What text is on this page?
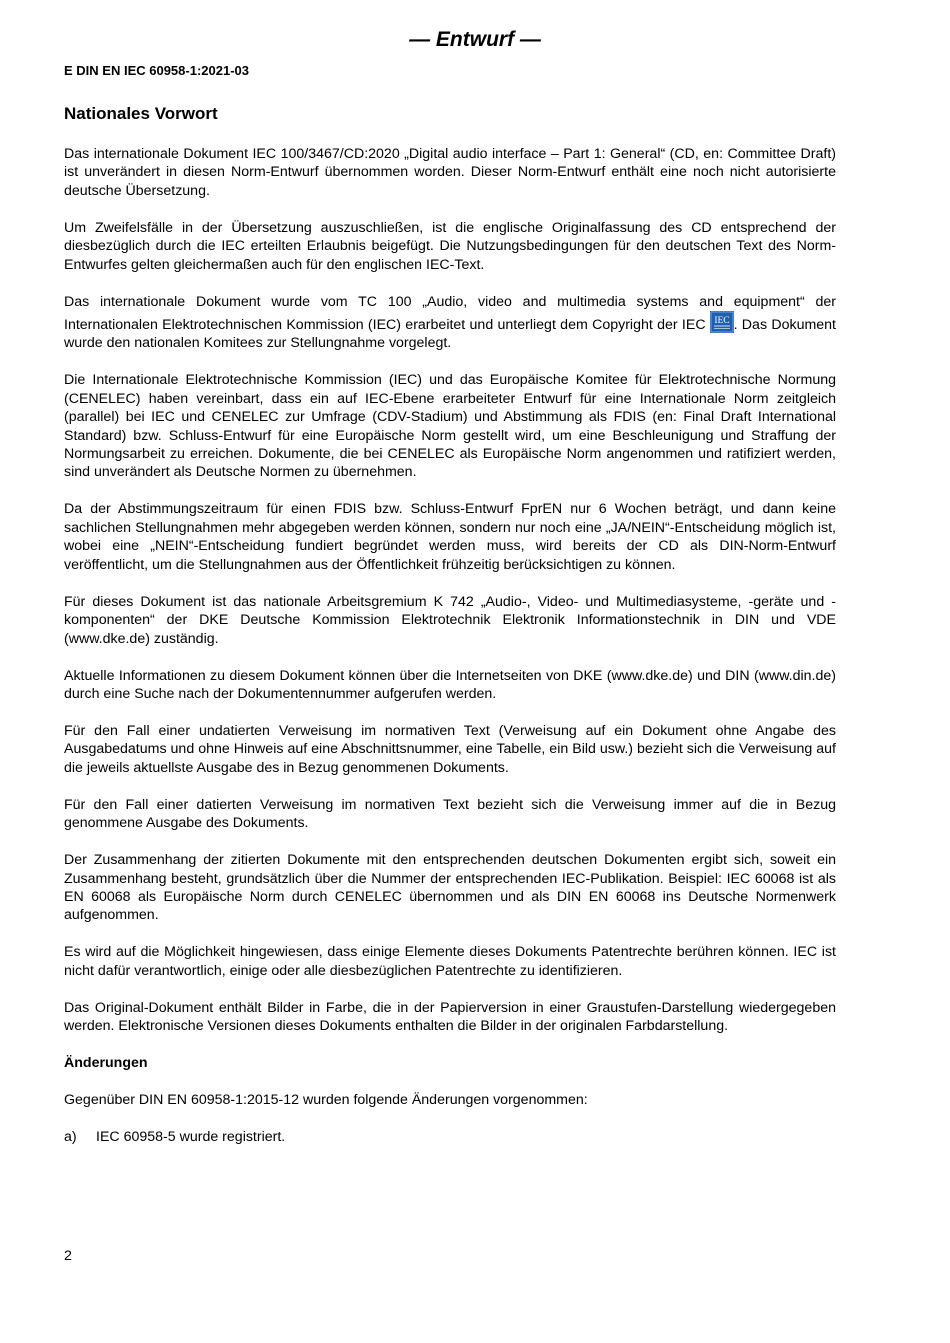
— Entwurf —
E DIN EN IEC 60958-1:2021-03
Nationales Vorwort

Das internationale Dokument IEC 100/3467/CD:2020 „Digital audio interface – Part 1: General“ (CD, en: Committee Draft) ist unverändert in diesen Norm-Entwurf übernommen worden. Dieser Norm-Entwurf enthält eine noch nicht autorisierte deutsche Übersetzung.

Um Zweifelsfälle in der Übersetzung auszuschließen, ist die englische Originalfassung des CD entsprechend der diesbezüglich durch die IEC erteilten Erlaubnis beigefügt. Die Nutzungsbedingungen für den deutschen Text des Norm-Entwurfes gelten gleichermaßen auch für den englischen IEC-Text.

Das internationale Dokument wurde vom TC 100 „Audio, video and multimedia systems and equipment“ der Internationalen Elektrotechnischen Kommission (IEC) erarbeitet und unterliegt dem Copyright der IEC IEC . Das Dokument wurde den nationalen Komitees zur Stellungnahme vorgelegt.

Die Internationale Elektrotechnische Kommission (IEC) und das Europäische Komitee für Elektrotechnische Normung (CENELEC) haben vereinbart, dass ein auf IEC-Ebene erarbeiteter Entwurf für eine Internationale Norm zeitgleich (parallel) bei IEC und CENELEC zur Umfrage (CDV-Stadium) und Abstimmung als FDIS (en: Final Draft International Standard) bzw. Schluss-Entwurf für eine Europäische Norm gestellt wird, um eine Beschleunigung und Straffung der Normungsarbeit zu erreichen. Dokumente, die bei CENELEC als Europäische Norm angenommen und ratifiziert werden, sind unverändert als Deutsche Normen zu übernehmen.

Da der Abstimmungszeitraum für einen FDIS bzw. Schluss-Entwurf FprEN nur 6 Wochen beträgt, und dann keine sachlichen Stellungnahmen mehr abgegeben werden können, sondern nur noch eine „JA/NEIN“-Entscheidung möglich ist, wobei eine „NEIN“-Entscheidung fundiert begründet werden muss, wird bereits der CD als DIN-Norm-Entwurf veröffentlicht, um die Stellungnahmen aus der Öffentlichkeit frühzeitig berücksichtigen zu können.

Für dieses Dokument ist das nationale Arbeitsgremium K 742 „Audio-, Video- und Multimediasysteme, -geräte und -komponenten“ der DKE Deutsche Kommission Elektrotechnik Elektronik Informationstechnik in DIN und VDE (www.dke.de) zuständig.

Aktuelle Informationen zu diesem Dokument können über die Internetseiten von DKE (www.dke.de) und DIN (www.din.de) durch eine Suche nach der Dokumentennummer aufgerufen werden.

Für den Fall einer undatierten Verweisung im normativen Text (Verweisung auf ein Dokument ohne Angabe des Ausgabedatums und ohne Hinweis auf eine Abschnittsnummer, eine Tabelle, ein Bild usw.) bezieht sich die Verweisung auf die jeweils aktuellste Ausgabe des in Bezug genommenen Dokuments.

Für den Fall einer datierten Verweisung im normativen Text bezieht sich die Verweisung immer auf die in Bezug genommene Ausgabe des Dokuments.

Der Zusammenhang der zitierten Dokumente mit den entsprechenden deutschen Dokumenten ergibt sich, soweit ein Zusammenhang besteht, grundsätzlich über die Nummer der entsprechenden IEC-Publikation. Beispiel: IEC 60068 ist als EN 60068 als Europäische Norm durch CENELEC übernommen und als DIN EN 60068 ins Deutsche Normenwerk aufgenommen.

Es wird auf die Möglichkeit hingewiesen, dass einige Elemente dieses Dokuments Patentrechte berühren können. IEC ist nicht dafür verantwortlich, einige oder alle diesbezüglichen Patentrechte zu identifizieren.

Das Original-Dokument enthält Bilder in Farbe, die in der Papierversion in einer Graustufen-Darstellung wiedergegeben werden. Elektronische Versionen dieses Dokuments enthalten die Bilder in der originalen Farbdarstellung.

Änderungen

Gegenüber DIN EN 60958-1:2015-12 wurden folgende Änderungen vorgenommen:

a)	IEC 60958-5 wurde registriert.
2
